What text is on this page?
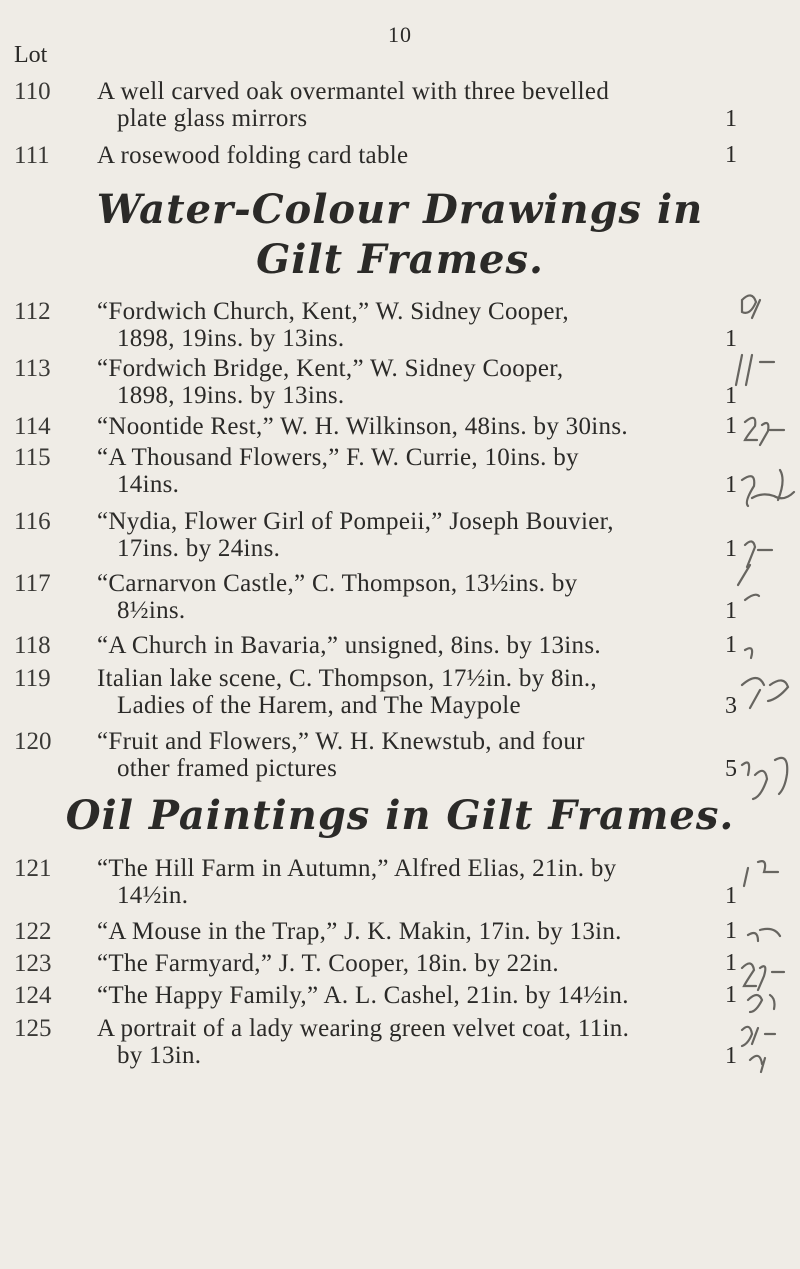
10
Lot
110	A well carved oak overmantel with three bevelled
plate glass mirrors	1
111	A rosewood folding card table	1
Water-Colour Drawings in
Gilt Frames.
112	“Fordwich Church, Kent,” W. Sidney Cooper,
1898, 19ins. by 13ins.	1
113	“Fordwich Bridge, Kent,” W. Sidney Cooper,
1898, 19ins. by 13ins.	1
114	“Noontide Rest,” W. H. Wilkinson, 48ins. by 30ins.	1
115	“A Thousand Flowers,” F. W. Currie, 10ins. by
14ins.	1
116	“Nydia, Flower Girl of Pompeii,” Joseph Bouvier,
17ins. by 24ins.	1
117	“Carnarvon Castle,” C. Thompson, 13½ins. by
8½ins.	1
118	“A Church in Bavaria,” unsigned, 8ins. by 13ins.	1
119	Italian lake scene, C. Thompson, 17½in. by 8in.,
Ladies of the Harem, and The Maypole	3
120	“Fruit and Flowers,” W. H. Knewstub, and four
other framed pictures	5
Oil Paintings in Gilt Frames.
121	“The Hill Farm in Autumn,” Alfred Elias, 21in. by
14½in.	1
122	“A Mouse in the Trap,” J. K. Makin, 17in. by 13in.	1
123	“The Farmyard,” J. T. Cooper, 18in. by 22in.	1
124	“The Happy Family,” A. L. Cashel, 21in. by 14½in.	1
125	A portrait of a lady wearing green velvet coat, 11in.
by 13in.	1
